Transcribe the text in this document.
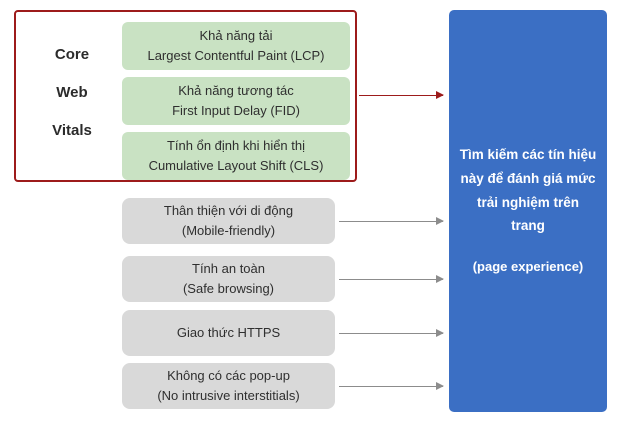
Core
Web
Vitals
Khả năng tải
Largest Contentful Paint (LCP)
Khả năng tương tác
First Input Delay (FID)
Tính ổn định khi hiển thị
Cumulative Layout Shift (CLS)
Thân thiện với di động
(Mobile-friendly)
Tính an toàn
(Safe browsing)
Giao thức HTTPS
Không có các pop-up
(No intrusive interstitials)
Tìm kiếm các tín hiệu này để đánh giá mức trải nghiệm trên trang
(page experience)
